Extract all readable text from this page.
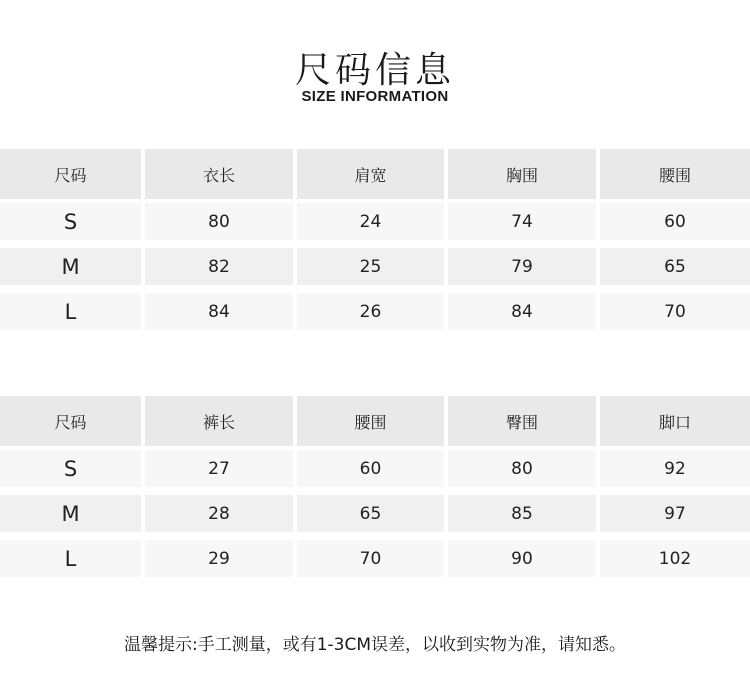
尺码信息
SIZE INFORMATION
尺码	衣长	肩宽	胸围	腰围
S	80	24	74	60
M	82	25	79	65
L	84	26	84	70
尺码	裤长	腰围	臀围	脚口
S	27	60	80	92
M	28	65	85	97
L	29	70	90	102
温馨提示:手工测量，或有1-3CM误差，以收到实物为准，请知悉。
